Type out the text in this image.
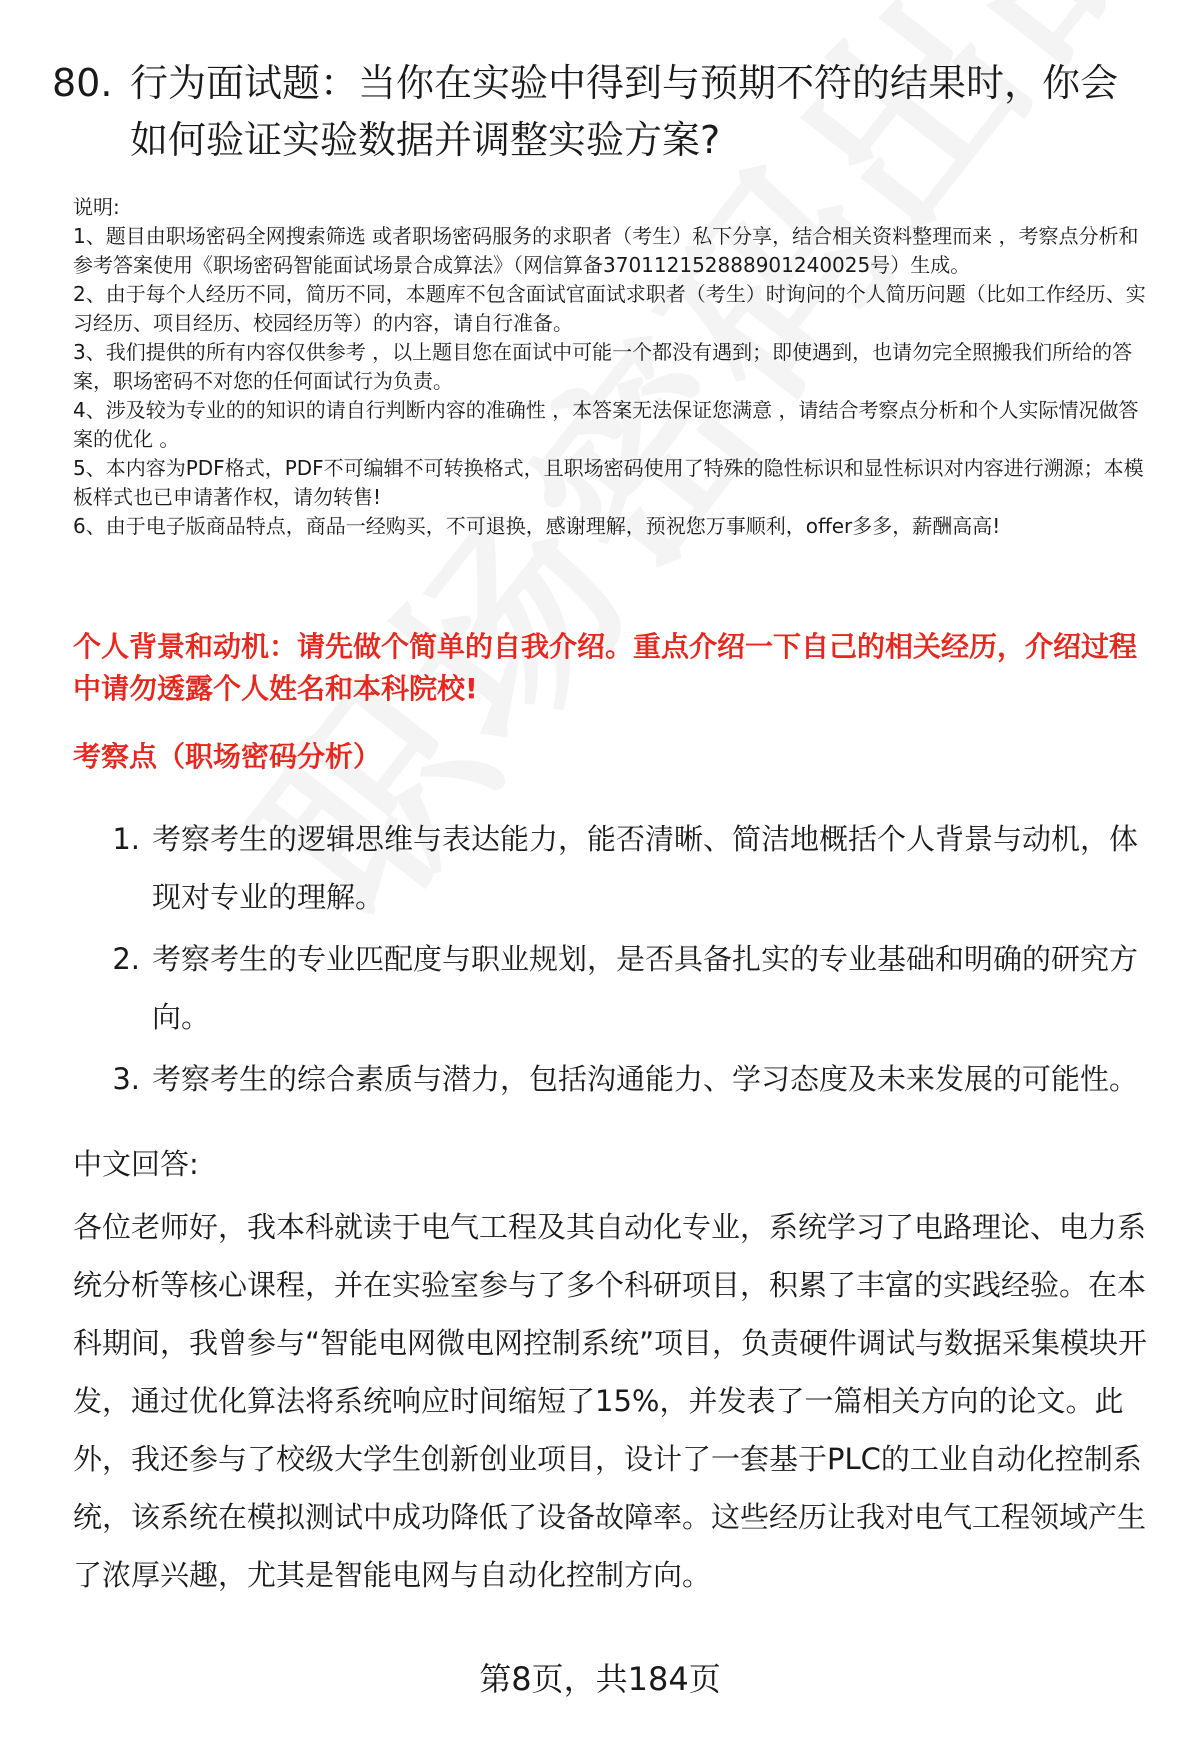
80. 行为面试题：当你在实验中得到与预期不符的结果时，你会如何验证实验数据并调整实验方案?

说明:

1、题目由职场密码全网搜索筛选 或者职场密码服务的求职者（考生）私下分享，结合相关资料整理而来 ，考察点分析和参考答案使用《职场密码智能面试场景合成算法》（网信算备370112152888901240025号）生成。

2、由于每个人经历不同，简历不同，本题库不包含面试官面试求职者（考生）时询问的个人简历问题（比如工作经历、实习经历、项目经历、校园经历等）的内容，请自行准备。

3、我们提供的所有内容仅供参考 ，以上题目您在面试中可能一个都没有遇到；即使遇到，也请勿完全照搬我们所给的答案，职场密码不对您的任何面试行为负责。

4、涉及较为专业的的知识的请自行判断内容的准确性 ，本答案无法保证您满意 ，请结合考察点分析和个人实际情况做答案的优化 。

5、本内容为PDF格式，PDF不可编辑不可转换格式，且职场密码使用了特殊的隐性标识和显性标识对内容进行溯源；本模板样式也已申请著作权，请勿转售!

6、由于电子版商品特点，商品一经购买，不可退换，感谢理解，预祝您万事顺利，offer多多，薪酬高高!

个人背景和动机：请先做个简单的自我介绍。重点介绍一下自己的相关经历，介绍过程中请勿透露个人姓名和本科院校!
考察点（职场密码分析）
1. 考察考生的逻辑思维与表达能力，能否清晰、简洁地概括个人背景与动机，体现对专业的理解。
2. 考察考生的专业匹配度与职业规划，是否具备扎实的专业基础和明确的研究方向。
3. 考察考生的综合素质与潜力，包括沟通能力、学习态度及未来发展的可能性。
中文回答:

各位老师好，我本科就读于电气工程及其自动化专业，系统学习了电路理论、电力系统分析等核心课程，并在实验室参与了多个科研项目，积累了丰富的实践经验。在本科期间，我曾参与“智能电网微电网控制系统”项目，负责硬件调试与数据采集模块开发，通过优化算法将系统响应时间缩短了15%，并发表了一篇相关方向的论文。此外，我还参与了校级大学生创新创业项目，设计了一套基于PLC的工业自动化控制系统，该系统在模拟测试中成功降低了设备故障率。这些经历让我对电气工程领域产生了浓厚兴趣，尤其是智能电网与自动化控制方向。

第8页，共184页
